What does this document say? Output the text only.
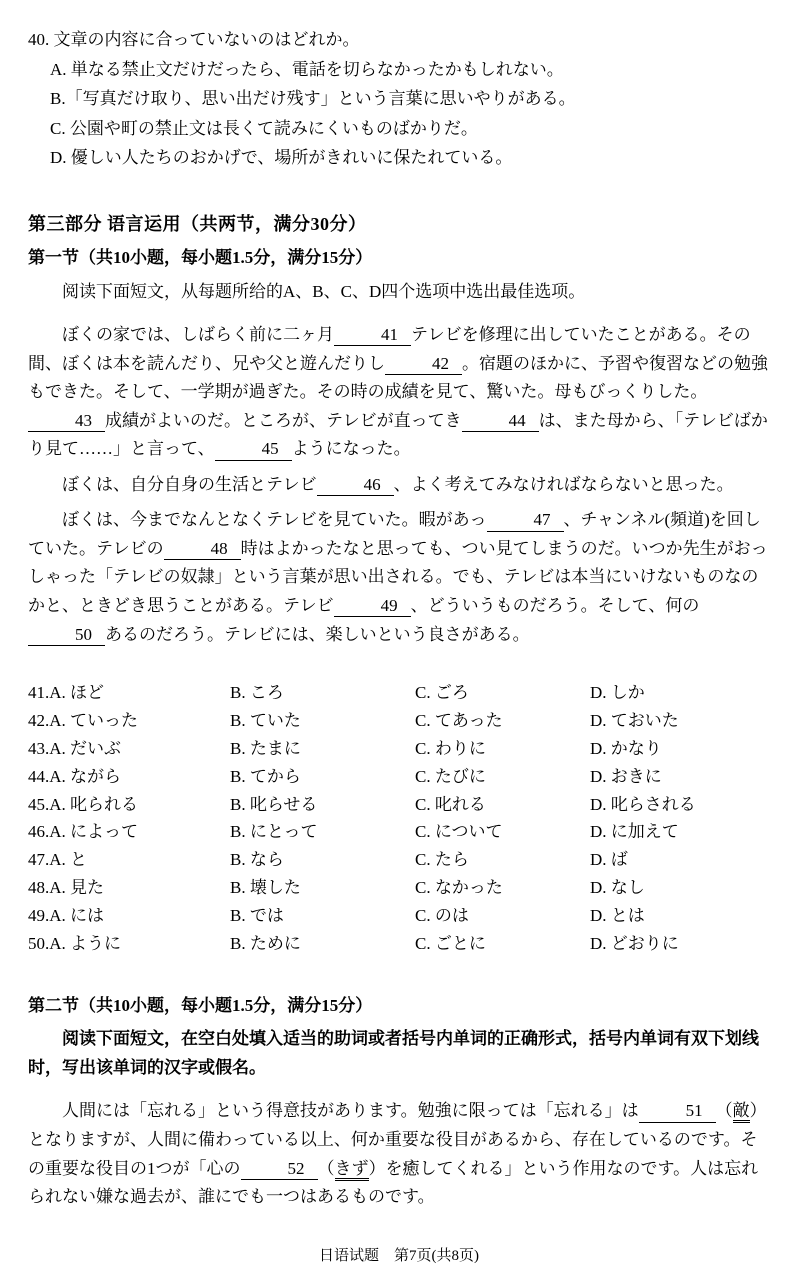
40. 文章の内容に合っていないのはどれか。
A. 単なる禁止文だけだったら、電話を切らなかったかもしれない。
B.「写真だけ取り、思い出だけ残す」という言葉に思いやりがある。
C. 公園や町の禁止文は長くて読みにくいものばかりだ。
D. 優しい人たちのおかげで、場所がきれいに保たれている。
第三部分 语言运用（共两节，满分30分）
第一节（共10小题，每小题1.5分，满分15分）

阅读下面短文，从每题所给的A、B、C、D四个选项中选出最佳选项。

ぼくの家では、しばらく前に二ヶ月	41 テレビを修理に出していたことがある。その間、ぼくは本を読んだり、兄や父と遊んだりし	42 。宿題のほかに、予習や復習などの勉強もできた。そして、一学期が過ぎた。その時の成績を見て、驚いた。母もびっくりした。43 成績がよいのだ。ところが、テレビが直ってき	44 は、また母から、「テレビばかり見て……」と言って、	45 ようになった。

ぼくは、自分自身の生活とテレビ	46 、よく考えてみなければならないと思った。

ぼくは、今までなんとなくテレビを見ていた。暇があっ	47 、チャンネル(頻道)を回していた。テレビの	48 時はよかったなと思っても、つい見てしまうのだ。いつか先生がおっしゃった「テレビの奴隷」という言葉が思い出される。でも、テレビは本当にいけないものなのかと、ときどき思うことがある。テレビ	49 、どういうものだろう。そして、何の50 あるのだろう。テレビには、楽しいという良さがある。

41.A. ほど	B. ころ	C. ごろ	D. しか
42.A. ていった	B. ていた	C. てあった	D. ておいた
43.A. だいぶ	B. たまに	C. わりに	D. かなり
44.A. ながら	B. てから	C. たびに	D. おきに
45.A. 叱られる	B. 叱らせる	C. 叱れる	D. 叱らされる
46.A. によって	B. にとって	C. について	D. に加えて
47.A. と	B. なら	C. たら	D. ば
48.A. 見た	B. 壊した	C. なかった	D. なし
49.A. には	B. では	C. のは	D. とは
50.A. ように	B. ために	C. ごとに	D. どおりに
第二节（共10小题，每小题1.5分，满分15分）

阅读下面短文，在空白处填入适当的助词或者括号内单词的正确形式，括号内单词有双下划线时，写出该单词的汉字或假名。

人間には「忘れる」という得意技があります。勉強に限っては「忘れる」は	51 （敵）となりますが、人間に備わっている以上、何か重要な役目があるから、存在しているのです。その重要な役目の1つが「心の	52 （きず）を癒してくれる」という作用なのです。人は忘れられない嫌な過去が、誰にでも一つはあるものです。

日语试题　第7页(共8页)
